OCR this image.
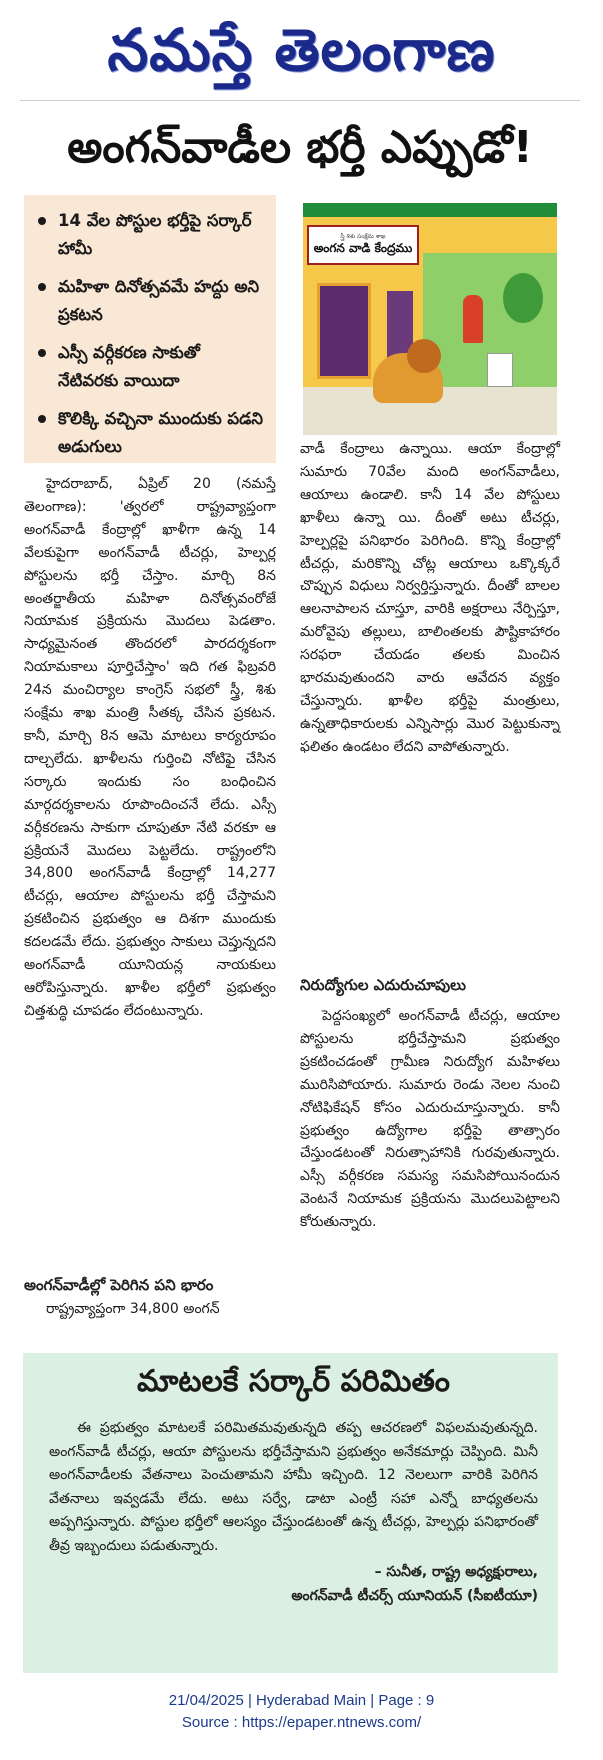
నమస్తే తెలంగాణ
అంగన్‌వాడీల భర్తీ ఎప్పుడో!
14 వేల పోస్టుల భర్తీపై సర్కార్ హామీ
మహిళా దినోత్సవమే హద్దు అని ప్రకటన
ఎస్సీ వర్గీకరణ సాకుతో నేటివరకు వాయిదా
కొలిక్కి వచ్చినా ముందుకు పడని అడుగులు
స్త్రీ శిశు సంక్షేమ శాఖ
అంగన వాడి కేంద్రము

హైదరాబాద్, ఏప్రిల్ 20 (నమస్తే తెలంగాణ): 'త్వరలో రాష్ట్రవ్యాప్తంగా అంగన్‌వాడీ కేంద్రాల్లో ఖాళీగా ఉన్న 14 వేలకుపైగా అంగన్‌వాడీ టీచర్లు, హెల్పర్ల పోస్టులను భర్తీ చేస్తాం. మార్చి 8న అంతర్జాతీయ మహిళా దినోత్సవంరోజే నియామక ప్రక్రియను మొదలు పెడతాం. సాధ్యమైనంత తొందరలో పారదర్శకంగా నియామకాలు పూర్తిచేస్తాం' ఇది గత ఫిబ్రవరి 24న మంచిర్యాల కాంగ్రెస్ సభలో స్త్రీ, శిశు సంక్షేమ శాఖ మంత్రి సీతక్క చేసిన ప్రకటన. కానీ, మార్చి 8న ఆమె మాటలు కార్యరూపం దాల్చలేదు. ఖాళీలను గుర్తించి నోటిఫై చేసిన సర్కారు ఇందుకు సం బంధించిన మార్గదర్శకాలను రూపొందించనే లేదు. ఎస్సీ వర్గీకరణను సాకుగా చూపుతూ నేటి వరకూ ఆ ప్రక్రియనే మొదలు పెట్టలేదు. రాష్ట్రంలోని 34,800 అంగన్‌వాడీ కేంద్రాల్లో 14,277 టీచర్లు, ఆయాల పోస్టులను భర్తీ చేస్తామని ప్రకటించిన ప్రభుత్వం ఆ దిశగా ముందుకు కదలడమే లేదు. ప్రభుత్వం సాకులు చెప్తున్నదని అంగన్‌వాడీ యూనియన్ల నాయకులు ఆరోపిస్తున్నారు. ఖాళీల భర్తీలో ప్రభుత్వం చిత్తశుద్ధి చూపడం లేదంటున్నారు.

అంగన్‌వాడీల్లో పెరిగిన పని భారం

రాష్ట్రవ్యాప్తంగా 34,800 అంగన్

వాడీ కేంద్రాలు ఉన్నాయి. ఆయా కేంద్రాల్లో సుమారు 70వేల మంది అంగన్‌వాడీలు, ఆయాలు ఉండాలి. కానీ 14 వేల పోస్టులు ఖాళీలు ఉన్నా యి. దీంతో అటు టీచర్లు, హెల్పర్లపై పనిభారం పెరిగింది. కొన్ని కేంద్రాల్లో టీచర్లు, మరికొన్ని చోట్ల ఆయాలు ఒక్కొక్కరే చొప్పున విధులు నిర్వర్తిస్తున్నారు. దీంతో బాలల ఆలనాపాలన చూస్తూ, వారికి అక్షరాలు నేర్పిస్తూ, మరోవైపు తల్లులు, బాలింతలకు పౌష్టికాహారం సరఫరా చేయడం తలకు మించిన భారమవుతుందని వారు ఆవేదన వ్యక్తం చేస్తున్నారు. ఖాళీల భర్తీపై మంత్రులు, ఉన్నతాధికారులకు ఎన్నిసార్లు మొర పెట్టుకున్నా ఫలితం ఉండటం లేదని వాపోతున్నారు.

నిరుద్యోగుల ఎదురుచూపులు

పెద్దసంఖ్యలో అంగన్‌వాడీ టీచర్లు, ఆయాల పోస్టులను భర్తీచేస్తామని ప్రభుత్వం ప్రకటించడంతో గ్రామీణ నిరుద్యోగ మహిళలు మురిసిపోయారు. సుమారు రెండు నెలల నుంచి నోటిఫికేషన్ కోసం ఎదురుచూస్తున్నారు. కానీ ప్రభుత్వం ఉద్యోగాల భర్తీపై తాత్సారం చేస్తుండటంతో నిరుత్సాహానికి గురవుతున్నారు. ఎస్సీ వర్గీకరణ సమస్య సమసిపోయినందున వెంటనే నియామక ప్రక్రియను మొదలుపెట్టాలని కోరుతున్నారు.

మాటలకే సర్కార్ పరిమితం
ఈ ప్రభుత్వం మాటలకే పరిమితమవుతున్నది తప్ప ఆచరణలో విఫలమవుతున్నది. అంగన్‌వాడీ టీచర్లు, ఆయా పోస్టులను భర్తీచేస్తామని ప్రభుత్వం అనేకమార్లు చెప్పింది. మినీ అంగన్‌వాడీలకు వేతనాలు పెంచుతామని హామీ ఇచ్చింది. 12 నెలలుగా వారికి పెరిగిన వేతనాలు ఇవ్వడమే లేదు. అటు సర్వే, డాటా ఎంట్రీ సహా ఎన్నో బాధ్యతలను అప్పగిస్తున్నారు. పోస్టుల భర్తీలో ఆలస్యం చేస్తుండటంతో ఉన్న టీచర్లు, హెల్పర్లు పనిభారంతో తీవ్ర ఇబ్బందులు పడుతున్నారు.
– సునీత, రాష్ట్ర అధ్యక్షురాలు,
అంగన్‌వాడీ టీచర్స్ యూనియన్ (సీఐటీయూ)
21/04/2025 | Hyderabad Main | Page : 9
Source : https://epaper.ntnews.com/
